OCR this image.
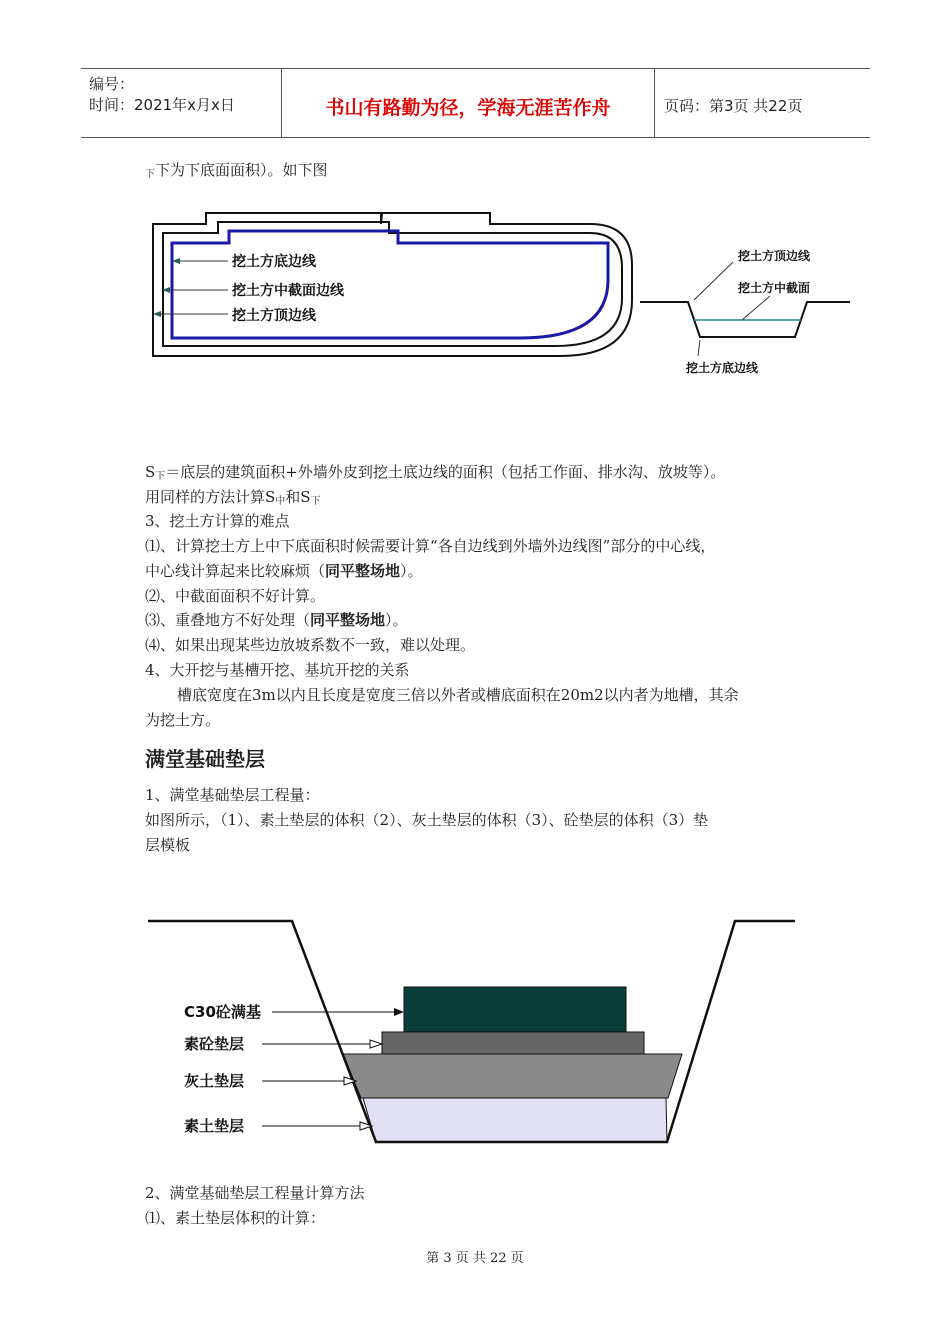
编号：
时间：2021年x月x日	书山有路勤为径，学海无涯苦作舟	页码：第3页 共22页
$_下$下为下底面面积）。如下图
挖土方底边线
挖土方中截面边线
挖土方顶边线
挖土方顶边线
挖土方中截面
挖土方底边线
$S_下=$底层的建筑面积+外墙外皮到挖土底边线的面积（包括工作面、排水沟、放坡等）。
用同样的方法计算$S_中$和$S_下$
3、挖土方计算的难点
⑴、计算挖土方上中下底面积时候需要计算“各自边线到外墙外边线图”部分的中心线，
中心线计算起来比较麻烦（同平整场地）。
⑵、中截面面积不好计算。
⑶、重叠地方不好处理（同平整场地）。
⑷、如果出现某些边放坡系数不一致，难以处理。
4、大开挖与基槽开挖、基坑开挖的关系
槽底宽度在3m以内且长度是宽度三倍以外者或槽底面积在20m2以内者为地槽，其余
为挖土方。
满堂基础垫层
1、满堂基础垫层工程量：
如图所示，（1）、素土垫层的体积（2）、灰土垫层的体积（3）、砼垫层的体积（3）垫
层模板
C30砼满基
素砼垫层
灰土垫层
素土垫层
2、满堂基础垫层工程量计算方法
⑴、素土垫层体积的计算：
第 3 页 共 22 页
